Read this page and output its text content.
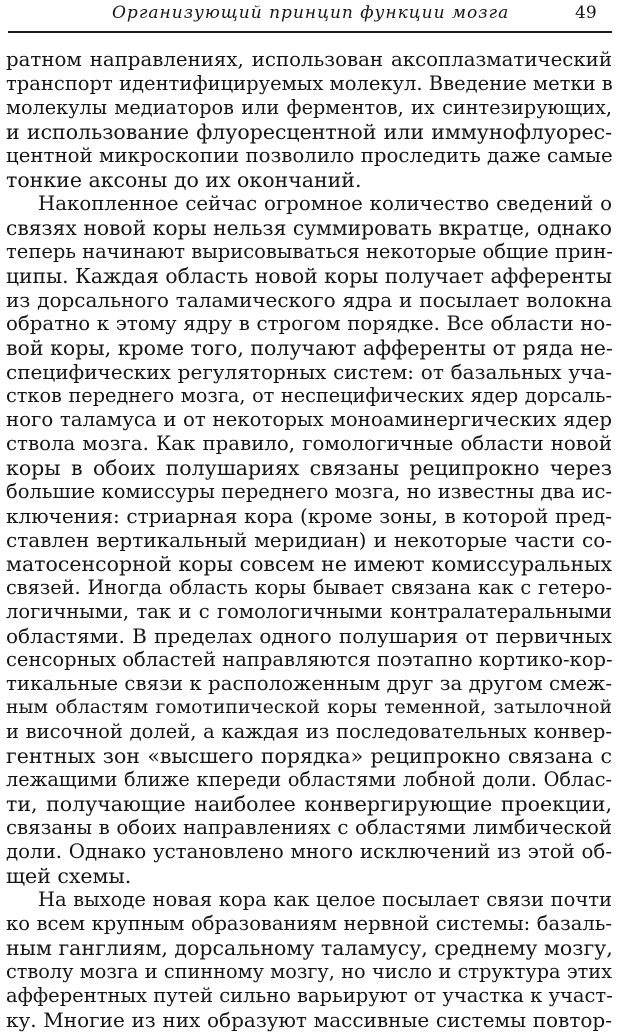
Организующий принцип функции мозга	49
ратном направлениях, использован аксоплазматический
транспорт идентифицируемых молекул. Введение метки в
молекулы медиаторов или ферментов, их синтезирующих,
и использование флуоресцентной или иммунофлуорес-
центной микроскопии позволило проследить даже самые
тонкие аксоны до их окончаний.
Накопленное сейчас огромное количество сведений о
связях новой коры нельзя суммировать вкратце, однако
теперь начинают вырисовываться некоторые общие прин-
ципы. Каждая область новой коры получает афференты
из дорсального таламического ядра и посылает волокна
обратно к этому ядру в строгом порядке. Все области но-
вой коры, кроме того, получают афференты от ряда не-
специфических регуляторных систем: от базальных уча-
стков переднего мозга, от неспецифических ядер дорсаль-
ного таламуса и от некоторых моноаминергических ядер
ствола мозга. Как правило, гомологичные области новой
коры в обоих полушариях связаны реципрокно через
большие комиссуры переднего мозга, но известны два ис-
ключения: стриарная кора (кроме зоны, в которой пред-
ставлен вертикальный меридиан) и некоторые части со-
матосенсорной коры совсем не имеют комиссуральных
связей. Иногда область коры бывает связана как с гетеро-
логичными, так и с гомологичными контралатеральными
областями. В пределах одного полушария от первичных
сенсорных областей направляются поэтапно кортико-кор-
тикальные связи к расположенным друг за другом смеж-
ным областям гомотипической коры теменной, затылочной
и височной долей, а каждая из последовательных конвер-
гентных зон «высшего порядка» реципрокно связана с
лежащими ближе кпереди областями лобной доли. Облас-
ти, получающие наиболее конвергирующие проекции,
связаны в обоих направлениях с областями лимбической
доли. Однако установлено много исключений из этой об-
щей схемы.
На выходе новая кора как целое посылает связи почти
ко всем крупным образованиям нервной системы: базаль-
ным ганглиям, дорсальному таламусу, среднему мозгу,
стволу мозга и спинному мозгу, но число и структура этих
афферентных путей сильно варьируют от участка к участ-
ку. Многие из них образуют массивные системы повтор-
